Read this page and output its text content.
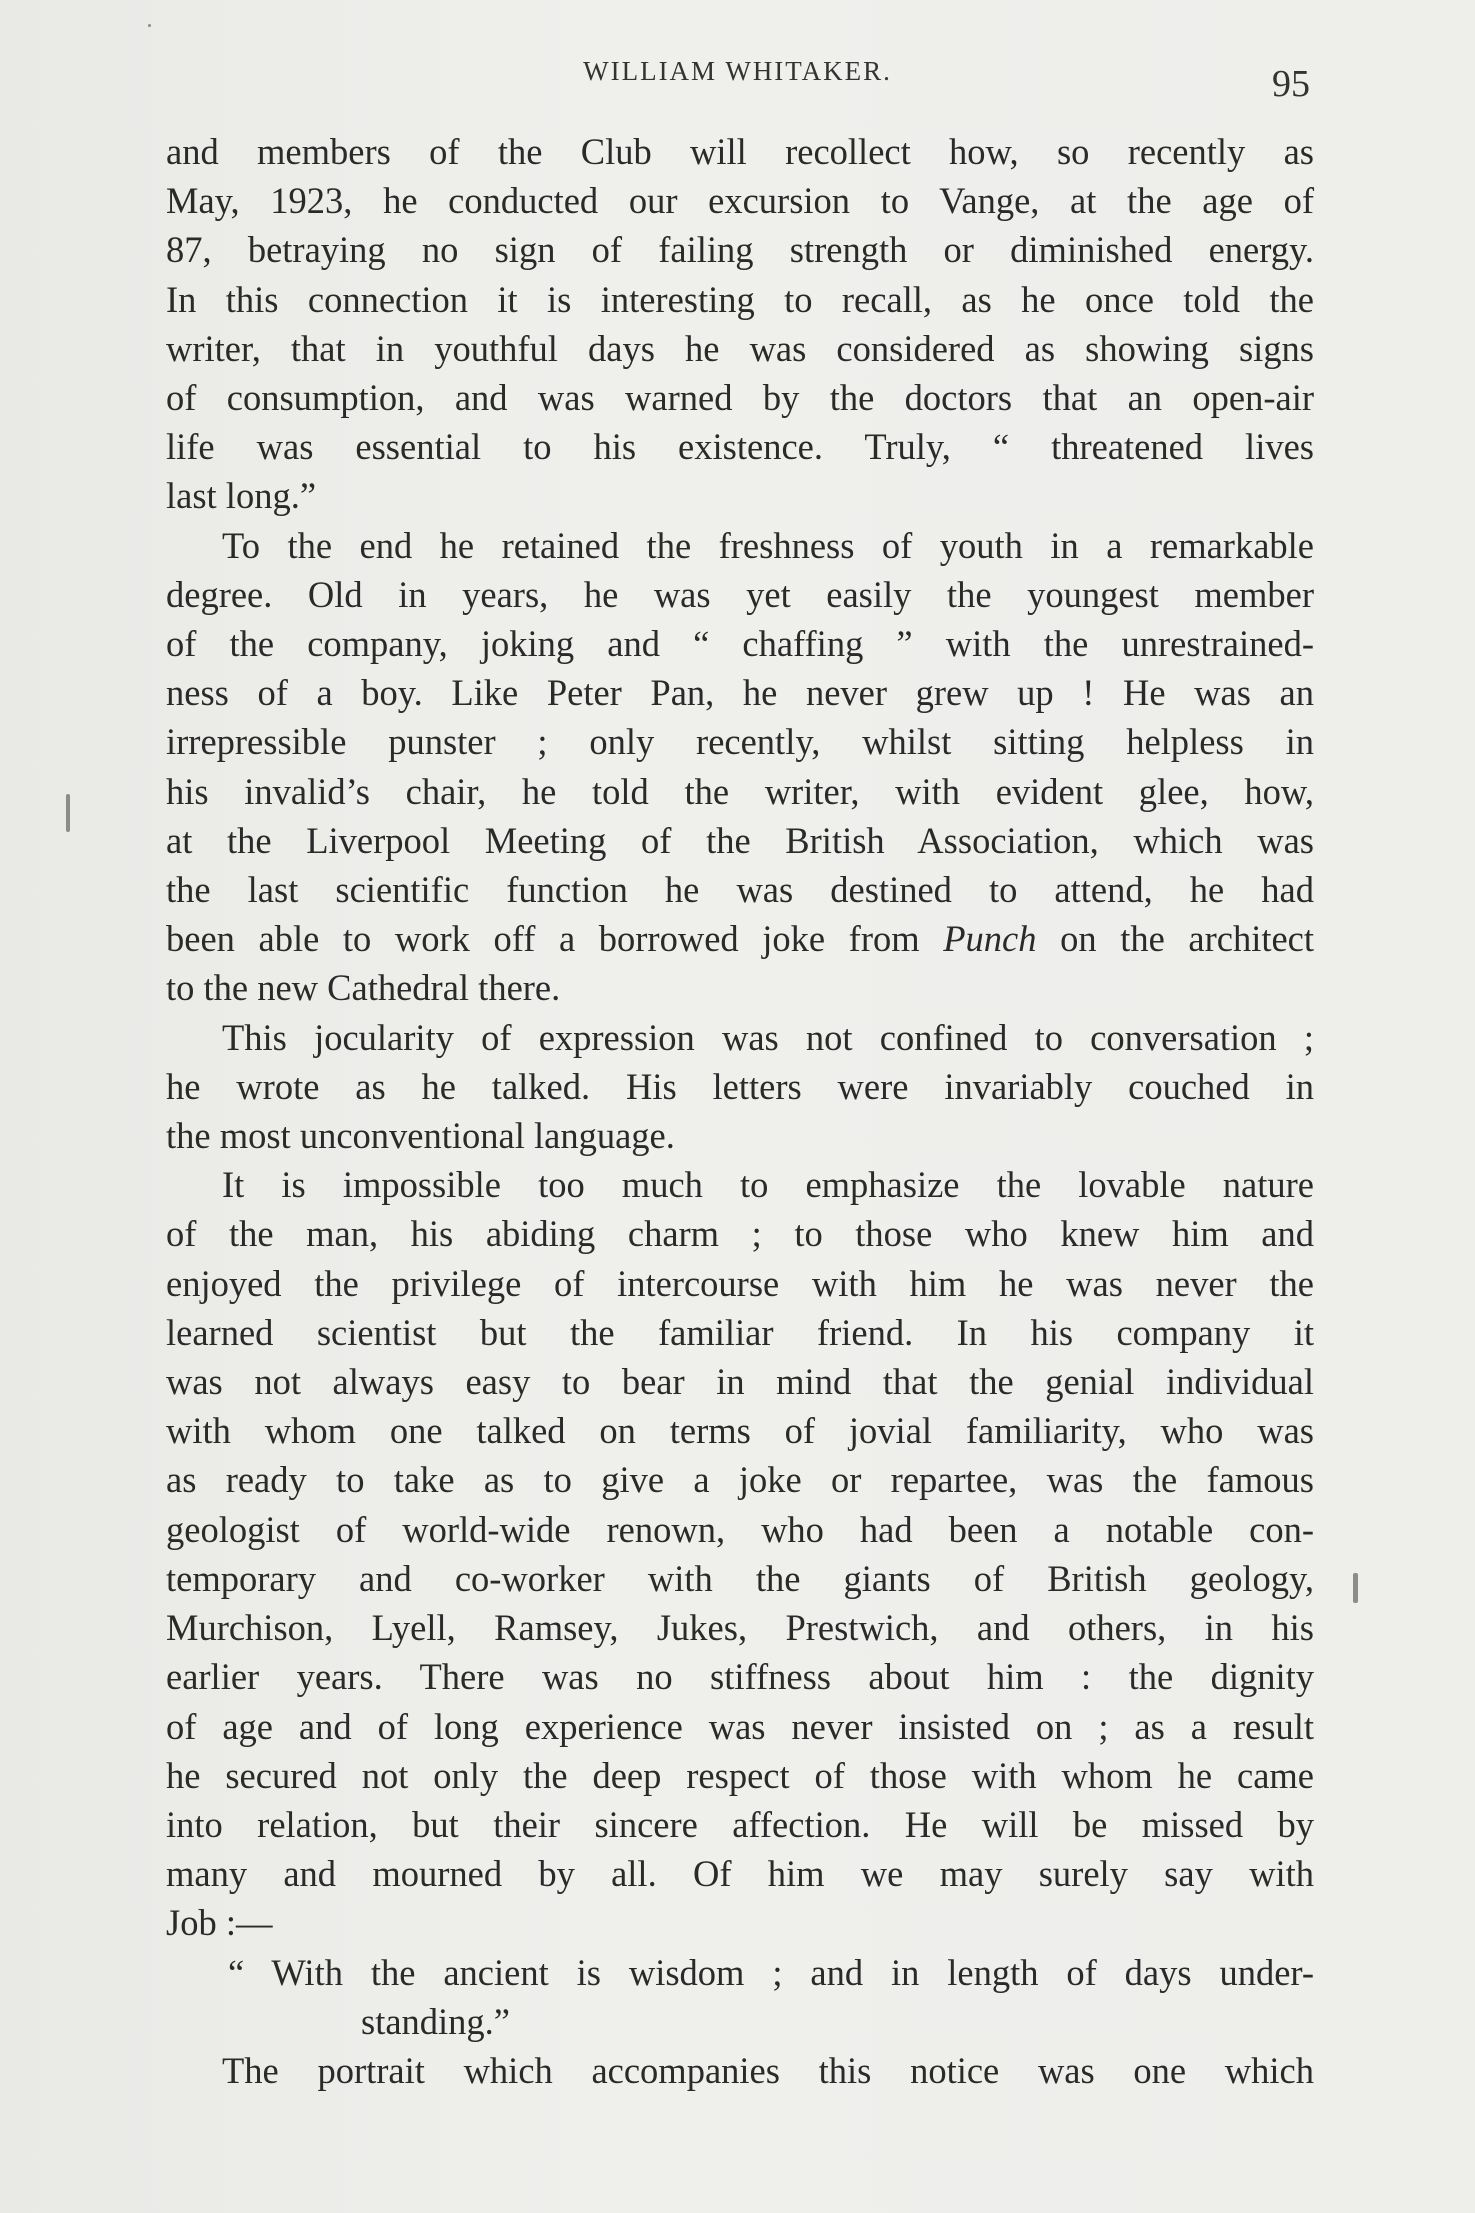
WILLIAM WHITAKER.	95
and members of the Club will recollect how, so recently as
May, 1923, he conducted our excursion to Vange, at the age of
87, betraying no sign of failing strength or diminished energy.
In this connection it is interesting to recall, as he once told the
writer, that in youthful days he was considered as showing signs
of consumption, and was warned by the doctors that an open-air
life was essential to his existence. Truly, “ threatened lives
last long.”
To the end he retained the freshness of youth in a remarkable
degree. Old in years, he was yet easily the youngest member
of the company, joking and “ chaffing ” with the unrestrained-
ness of a boy. Like Peter Pan, he never grew up ! He was an
irrepressible punster ; only recently, whilst sitting helpless in
his invalid’s chair, he told the writer, with evident glee, how,
at the Liverpool Meeting of the British Association, which was
the last scientific function he was destined to attend, he had
been able to work off a borrowed joke from Punch on the architect
to the new Cathedral there.
This jocularity of expression was not confined to conversation ;
he wrote as he talked. His letters were invariably couched in
the most unconventional language.
It is impossible too much to emphasize the lovable nature
of the man, his abiding charm ; to those who knew him and
enjoyed the privilege of intercourse with him he was never the
learned scientist but the familiar friend. In his company it
was not always easy to bear in mind that the genial individual
with whom one talked on terms of jovial familiarity, who was
as ready to take as to give a joke or repartee, was the famous
geologist of world-wide renown, who had been a notable con-
temporary and co-worker with the giants of British geology,
Murchison, Lyell, Ramsey, Jukes, Prestwich, and others, in his
earlier years. There was no stiffness about him : the dignity
of age and of long experience was never insisted on ; as a result
he secured not only the deep respect of those with whom he came
into relation, but their sincere affection. He will be missed by
many and mourned by all. Of him we may surely say with
Job :—
“ With the ancient is wisdom ; and in length of days under-
standing.”
The portrait which accompanies this notice was one which
